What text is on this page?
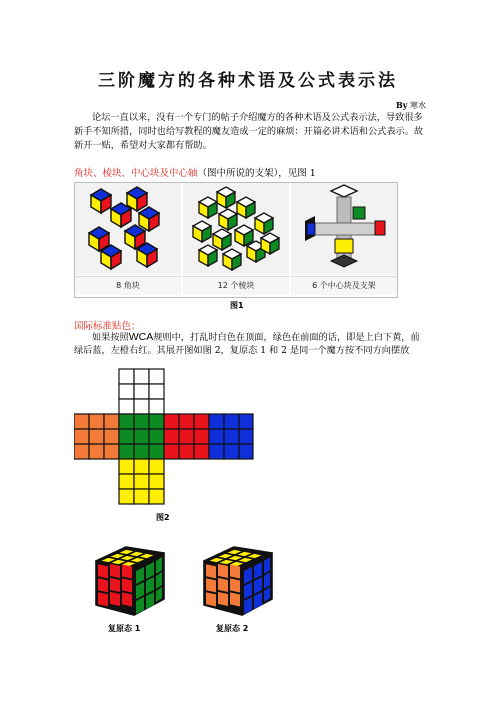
三阶魔方的各种术语及公式表示法
By 寒水
论坛一直以来，没有一个专门的帖子介绍魔方的各种术语及公式表示法，导致很多新手不知所措，同时也给写教程的魔友造成一定的麻烦：开篇必讲术语和公式表示。故新开一贴，希望对大家都有帮助。
角块、棱块、中心块及中心轴（图中所说的支架），见图 1
8 角块	12 个棱块	6 个中心块及支架
图1
国际标准贴色：
如果按照WCA规则中，打乱时白色在顶面，绿色在前面的话，即是上白下黄，前绿后蓝，左橙右红。其展开图如图 2，复原态 1 和 2 是同一个魔方按不同方向摆放
图2
复原态 1	复原态 2
